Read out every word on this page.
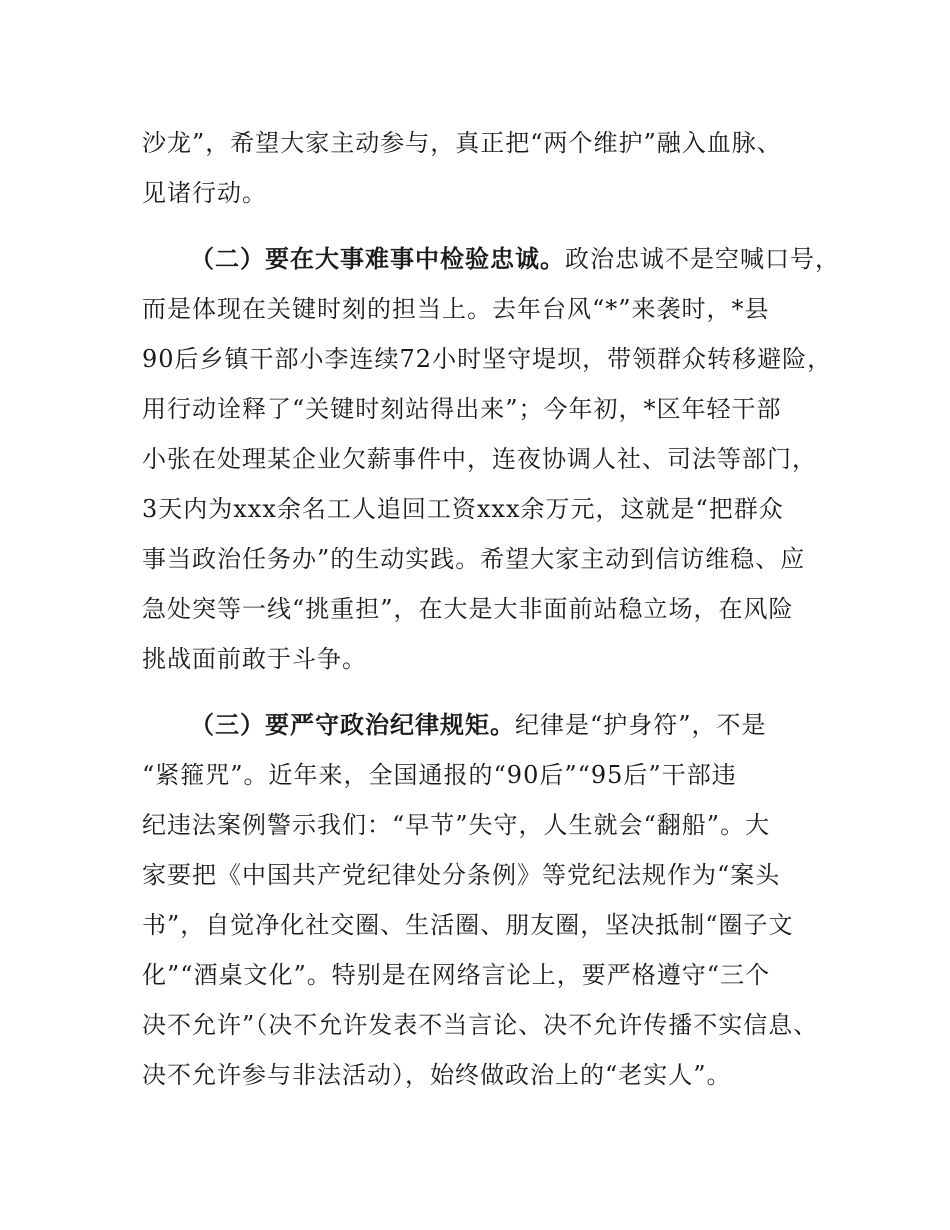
沙龙”，希望大家主动参与，真正把“两个维护”融入血脉、
见诸行动。
（二）要在大事难事中检验忠诚。政治忠诚不是空喊口号，
而是体现在关键时刻的担当上。去年台风“*”来袭时，*县
90后乡镇干部小李连续72小时坚守堤坝，带领群众转移避险，
用行动诠释了“关键时刻站得出来”；今年初，*区年轻干部
小张在处理某企业欠薪事件中，连夜协调人社、司法等部门，
3天内为xxx余名工人追回工资xxx余万元，这就是“把群众
事当政治任务办”的生动实践。希望大家主动到信访维稳、应
急处突等一线“挑重担”，在大是大非面前站稳立场，在风险
挑战面前敢于斗争。
（三）要严守政治纪律规矩。纪律是“护身符”，不是
“紧箍咒”。近年来，全国通报的“90后”“95后”干部违
纪违法案例警示我们：“早节”失守，人生就会“翻船”。大
家要把《中国共产党纪律处分条例》等党纪法规作为“案头
书”，自觉净化社交圈、生活圈、朋友圈，坚决抵制“圈子文
化”“酒桌文化”。特别是在网络言论上，要严格遵守“三个
决不允许”（决不允许发表不当言论、决不允许传播不实信息、
决不允许参与非法活动），始终做政治上的“老实人”。
